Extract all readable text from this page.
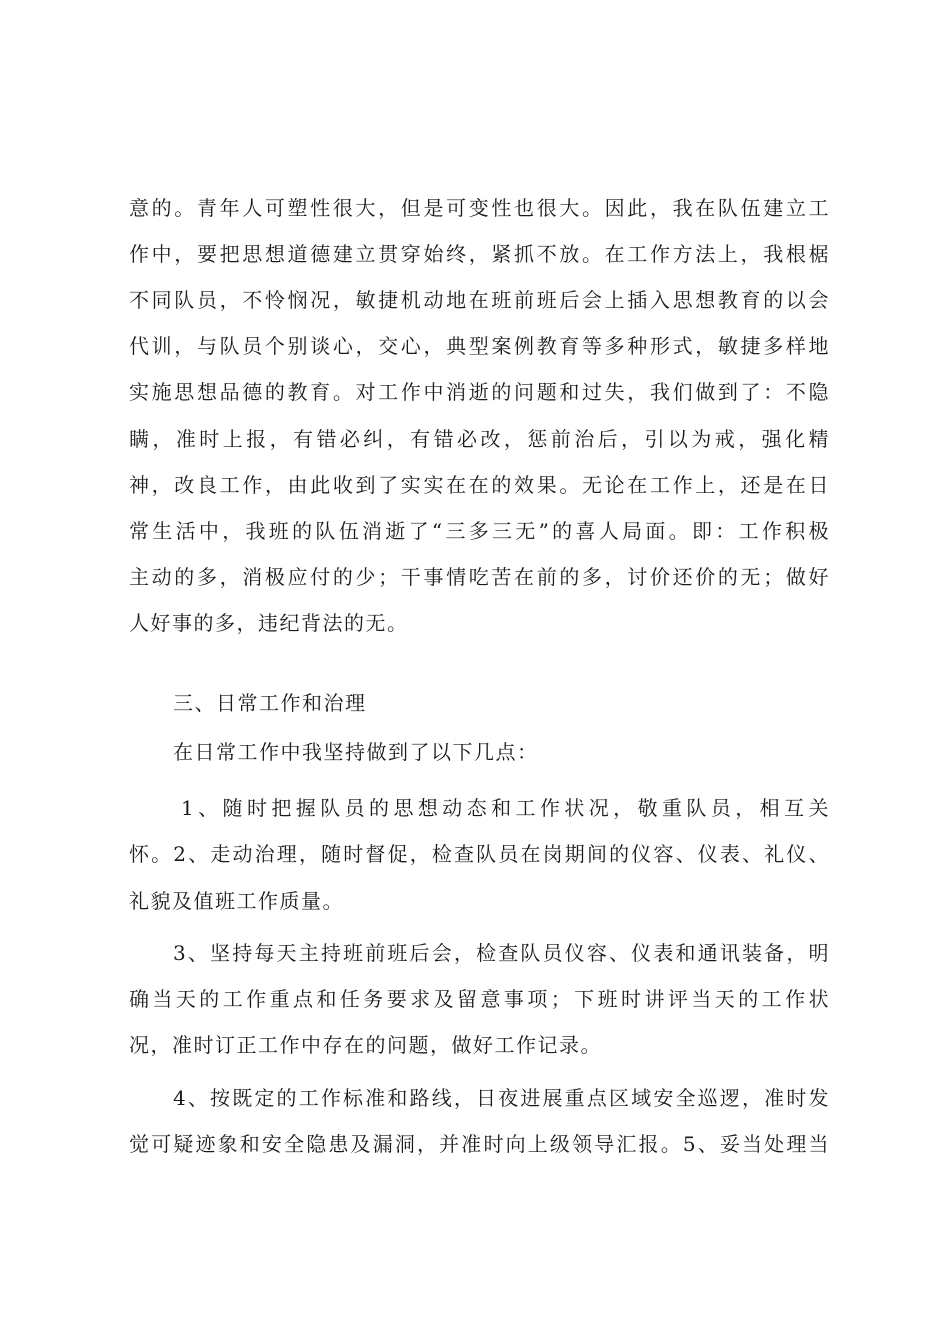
意的。青年人可塑性很大，但是可变性也很大。因此，我在队伍建立工
作中，要把思想道德建立贯穿始终，紧抓不放。在工作方法上，我根椐
不同队员，不怜悯况，敏捷机动地在班前班后会上插入思想教育的以会
代训，与队员个别谈心，交心，典型案例教育等多种形式，敏捷多样地
实施思想品德的教育。对工作中消逝的问题和过失，我们做到了：不隐
瞒，准时上报，有错必纠，有错必改，惩前治后，引以为戒，强化精
神，改良工作，由此收到了实实在在的效果。无论在工作上，还是在日
常生活中，我班的队伍消逝了“三多三无”的喜人局面。即：工作积极
主动的多，消极应付的少；干事情吃苦在前的多，讨价还价的无；做好
人好事的多，违纪背法的无。
三、日常工作和治理
在日常工作中我坚持做到了以下几点：
1、随时把握队员的思想动态和工作状况，敬重队员，相互关
怀。2、走动治理，随时督促，检查队员在岗期间的仪容、仪表、礼仪、
礼貌及值班工作质量。
3、坚持每天主持班前班后会，检查队员仪容、仪表和通讯装备，明
确当天的工作重点和任务要求及留意事项；下班时讲评当天的工作状
况，准时订正工作中存在的问题，做好工作记录。
4、按既定的工作标准和路线，日夜进展重点区域安全巡逻，准时发
觉可疑迹象和安全隐患及漏洞，并准时向上级领导汇报。5、妥当处理当
